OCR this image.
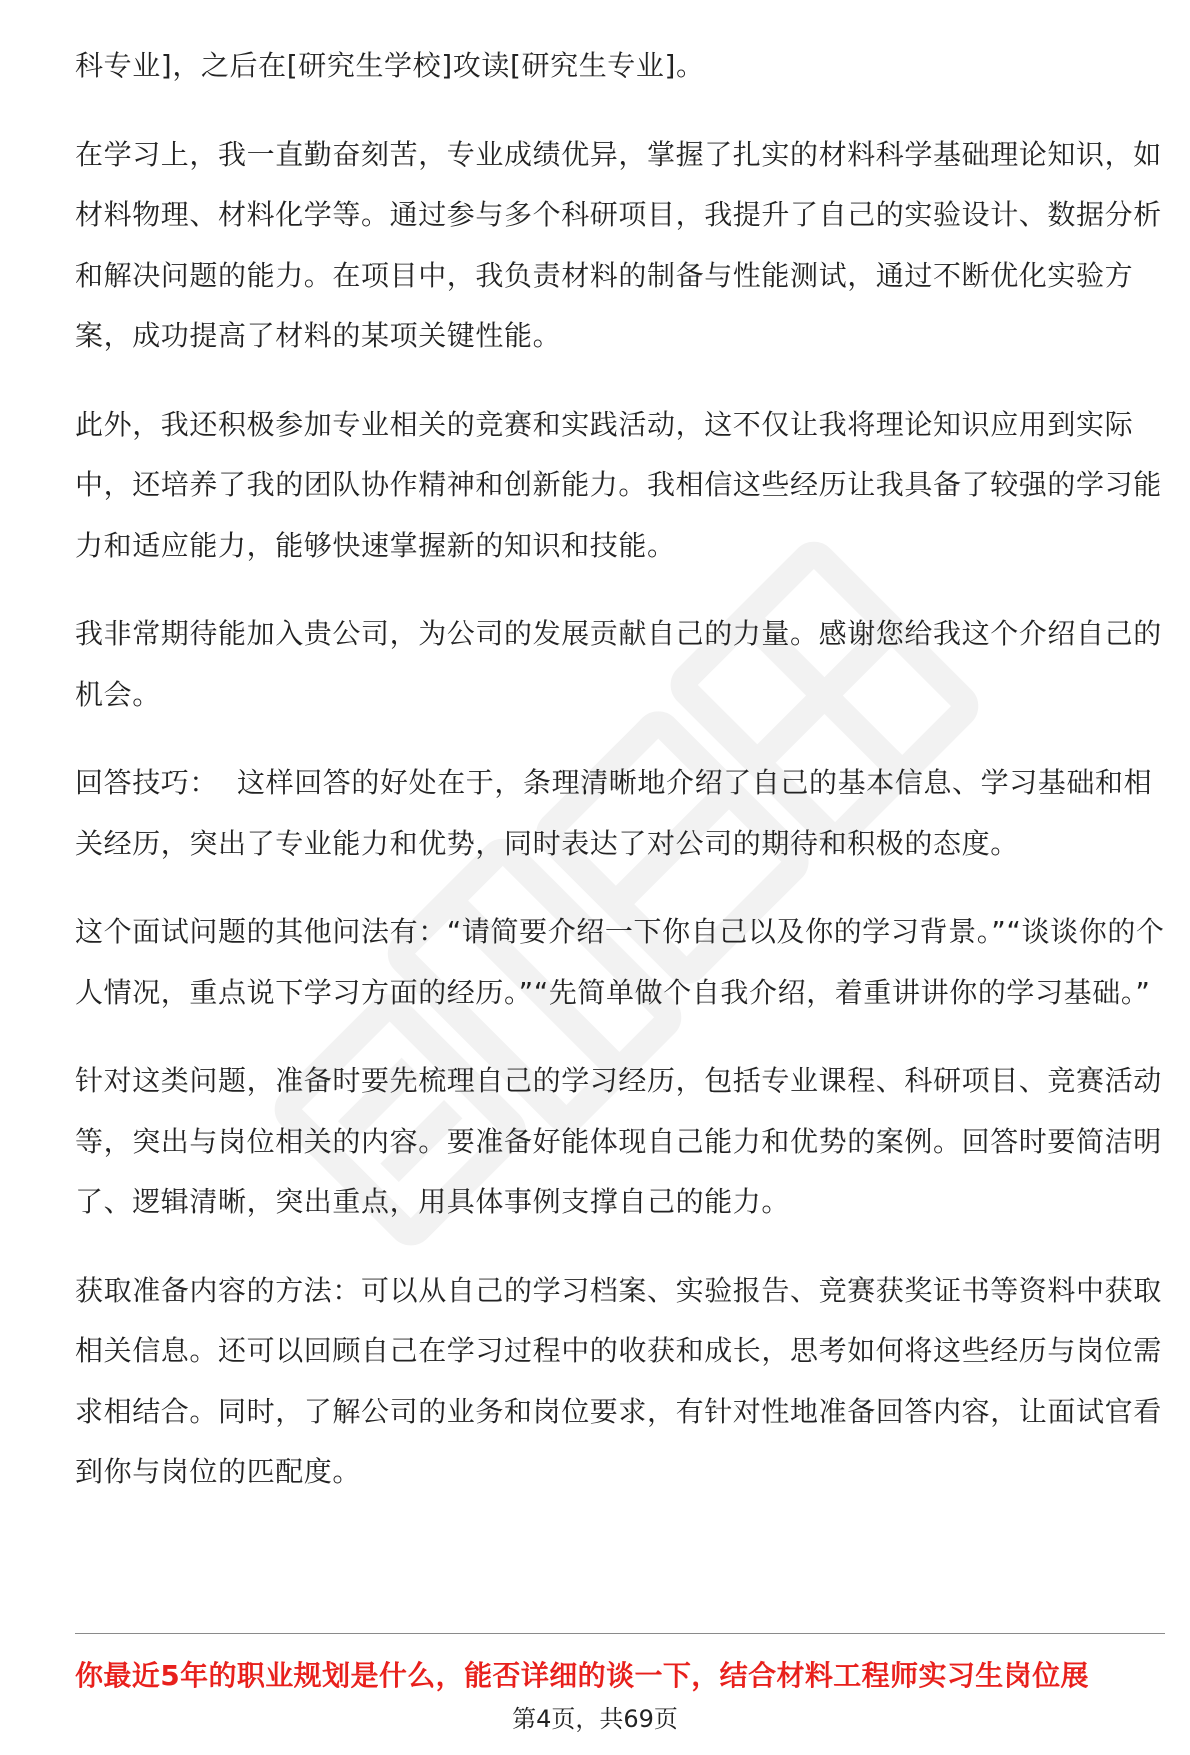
科专业]，之后在[研究生学校]攻读[研究生专业]。

在学习上，我一直勤奋刻苦，专业成绩优异，掌握了扎实的材料科学基础理论知识，如材料物理、材料化学等。通过参与多个科研项目，我提升了自己的实验设计、数据分析和解决问题的能力。在项目中，我负责材料的制备与性能测试，通过不断优化实验方案，成功提高了材料的某项关键性能。

此外，我还积极参加专业相关的竞赛和实践活动，这不仅让我将理论知识应用到实际中，还培养了我的团队协作精神和创新能力。我相信这些经历让我具备了较强的学习能力和适应能力，能够快速掌握新的知识和技能。

我非常期待能加入贵公司，为公司的发展贡献自己的力量。感谢您给我这个介绍自己的机会。

回答技巧：  这样回答的好处在于，条理清晰地介绍了自己的基本信息、学习基础和相关经历，突出了专业能力和优势，同时表达了对公司的期待和积极的态度。

这个面试问题的其他问法有：“请简要介绍一下你自己以及你的学习背景。”“谈谈你的个人情况，重点说下学习方面的经历。”“先简单做个自我介绍，着重讲讲你的学习基础。”

针对这类问题，准备时要先梳理自己的学习经历，包括专业课程、科研项目、竞赛活动等，突出与岗位相关的内容。要准备好能体现自己能力和优势的案例。回答时要简洁明了、逻辑清晰，突出重点，用具体事例支撑自己的能力。

获取准备内容的方法：可以从自己的学习档案、实验报告、竞赛获奖证书等资料中获取相关信息。还可以回顾自己在学习过程中的收获和成长，思考如何将这些经历与岗位需求相结合。同时，了解公司的业务和岗位要求，有针对性地准备回答内容，让面试官看到你与岗位的匹配度。

你最近5年的职业规划是什么，能否详细的谈一下，结合材料工程师实习生岗位展
第4页，共69页
